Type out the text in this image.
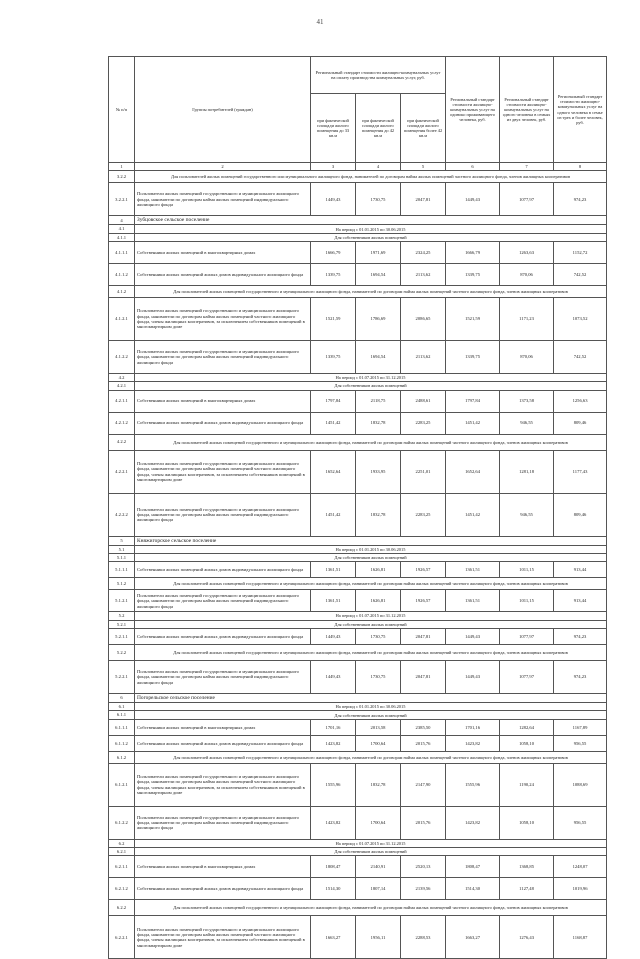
41
№ п/п	Группы потребителей (граждан)	Региональный стандарт стоимости жилищно-коммунальных услуг на оплату производства коммунальных услуг, руб.			Региональный стандарт стоимости жилищно-коммунальных услуг на одиноко проживающего человека, руб.	Региональный стандарт стоимости жилищно-коммунальных услуг на одного человека в семьях из двух человек, руб.	Региональный стандарт стоимости жилищно-коммунальных услуг на одного человека в семье из трех и более человек, руб.
		при фактической площади жилого помещения до 33 кв.м	при фактической площади жилого помещения до 42 кв.м	при фактической площади жилого помещения более 42 кв.м			
1	2	3	4	5	6	7	8
3.2.2	Для пользователей жилых помещений государственного или муниципального жилищного фонда, нанимателей по договорам найма жилых помещений частного жилищного фонда, членов жилищных кооперативов						
3.2.2.1	Пользователи жилых помещений государственного и муниципального жилищного фонда, наниматели по договорам найма жилых помещений индивидуального жилищного фонда	1449,43	1730,75	2047,81	1449,43	1077,97	974,23
4	Зубцовское сельское поселение						
4.1	На период с 01.01.2015 по 30.06.2015						
4.1.1	Для собственников жилых помещений						
4.1.1.1	Собственники жилых помещений в многоквартирных домах	1666,79	1971,69	2324,25	1666,79	1263,63	1152,72
4.1.1.2	Собственники жилых помещений жилых домов индивидуального жилищного фонда	1339,75	1694,54	2113,62	1339,75	870,06	742,52
4.1.2	Для пользователей жилых помещений государственного и муниципального жилищного фонда, нанимателей по договорам найма жилых помещений частного жилищного фонда, членов жилищных кооперативов						
4.1.2.1	Пользователи жилых помещений государственного и муниципального жилищного фонда, наниматели по договорам найма жилых помещений частного жилищного фонда, члены жилищных кооперативов, за исключением собственников помещений в многоквартирном доме	1521,59	1786,69	2086,65	1521,59	1171,23	1073,52
4.1.2.2	Пользователи жилых помещений государственного и муниципального жилищного фонда, наниматели по договорам найма жилых помещений индивидуального жилищного фонда	1339,75	1694,54	2113,62	1339,75	870,06	742,52
4.2	На период с 01.07.2015 по 31.12.2015						
4.2.1	Для собственников жилых помещений						
4.2.1.1	Собственники жилых помещений в многоквартирных домах	1797,84	2118,75	2488,61	1797,84	1373,58	1256,63
4.2.1.2	Собственники жилых помещений жилых домов индивидуального жилищного фонда	1451,42	1832,78	2283,25	1451,42	946,55	809,46
4.2.2	Для пользователей жилых помещений государственного и муниципального жилищного фонда, нанимателей по договорам найма жилых помещений частного жилищного фонда, членов жилищных кооперативов						
4.2.2.1	Пользователи жилых помещений государственного и муниципального жилищного фонда, наниматели по договорам найма жилых помещений частного жилищного фонда, члены жилищных кооперативов, за исключением собственников помещений в многоквартирном доме	1652,64	1933,95	2251,01	1652,64	1281,18	1177,43
4.2.2.2	Пользователи жилых помещений государственного и муниципального жилищного фонда, наниматели по договорам найма жилых помещений индивидуального жилищного фонда	1451,42	1832,78	2283,25	1451,42	946,55	809,46
5	Княжигорское сельское поселение						
5.1	На период с 01.01.2015 по 30.06.2015						
5.1.1	Для собственников жилых помещений						
5.1.1.1	Собственники жилых помещений жилых домов индивидуального жилищного фонда	1361,51	1626,81	1926,57	1361,51	1011,15	913,44
5.1.2	Для пользователей жилых помещений государственного и муниципального жилищного фонда, нанимателей по договорам найма жилых помещений частного жилищного фонда, членов жилищных кооперативов						
5.1.2.1	Пользователи жилых помещений государственного и муниципального жилищного фонда, наниматели по договорам найма жилых помещений индивидуального жилищного фонда	1361,51	1626,81	1926,57	1361,51	1011,15	913,44
5.2	На период с 01.07.2015 по 31.12.2015						
5.2.1	Для собственников жилых помещений						
5.2.1.1	Собственники жилых помещений жилых домов индивидуального жилищного фонда	1449,43	1730,75	2047,81	1449,43	1077,97	974,23
5.2.2	Для пользователей жилых помещений государственного и муниципального жилищного фонда, нанимателей по договорам найма жилых помещений частного жилищного фонда, членов жилищных кооперативов						
5.2.2.1	Пользователи жилых помещений государственного и муниципального жилищного фонда, наниматели по договорам найма жилых помещений индивидуального жилищного фонда	1449,43	1730,75	2047,81	1449,43	1077,97	974,23
6	Погорельское сельское поселение						
6.1	На период с 01.01.2015 по 30.06.2015						
6.1.1	Для собственников жилых помещений						
6.1.1.1	Собственники жилых помещений в многоквартирных домах	1701,16	2013,58	2385,50	1701,16	1282,64	1167,89
6.1.1.2	Собственники жилых помещений жилых домов индивидуального жилищного фонда	1423,82	1700,64	2015,76	1423,82	1058,10	956,55
6.1.2	Для пользователей жилых помещений государственного и муниципального жилищного фонда, нанимателей по договорам найма жилых помещений частного жилищного фонда, членов жилищных кооперативов						
6.1.2.1	Пользователи жилых помещений государственного и муниципального жилищного фонда, наниматели по договорам найма жилых помещений частного жилищного фонда, члены жилищных кооперативов, за исключением собственников помещений в многоквартирном доме	1555,96	1832,78	2147,90	1555,96	1190,24	1088,69
6.1.2.2	Пользователи жилых помещений государственного и муниципального жилищного фонда, наниматели по договорам найма жилых помещений индивидуального жилищного фонда	1423,82	1700,64	2015,76	1423,82	1058,10	956,55
6.2	На период с 01.07.2015 по 31.12.2015						
6.2.1	Для собственников жилых помещений						
6.2.1.1	Собственники жилых помещений в многоквартирных домах	1808,47	2140,91	2520,13	1808,47	1368,85	1248,07
6.2.1.2	Собственники жилых помещений жилых домов индивидуального жилищного фонда	1514,30	1807,14	2139,56	1514,30	1127,48	1019,96
6.2.2	Для пользователей жилых помещений государственного и муниципального жилищного фонда, нанимателей по договорам найма жилых помещений частного жилищного фонда, членов жилищных кооперативов						
6.2.2.1	Пользователи жилых помещений государственного и муниципального жилищного фонда, наниматели по договорам найма жилых помещений частного жилищного фонда, члены жилищных кооперативов, за исключением собственников помещений в многоквартирном доме	1663,27	1956,11	2288,53	1663,27	1276,43	1168,87
